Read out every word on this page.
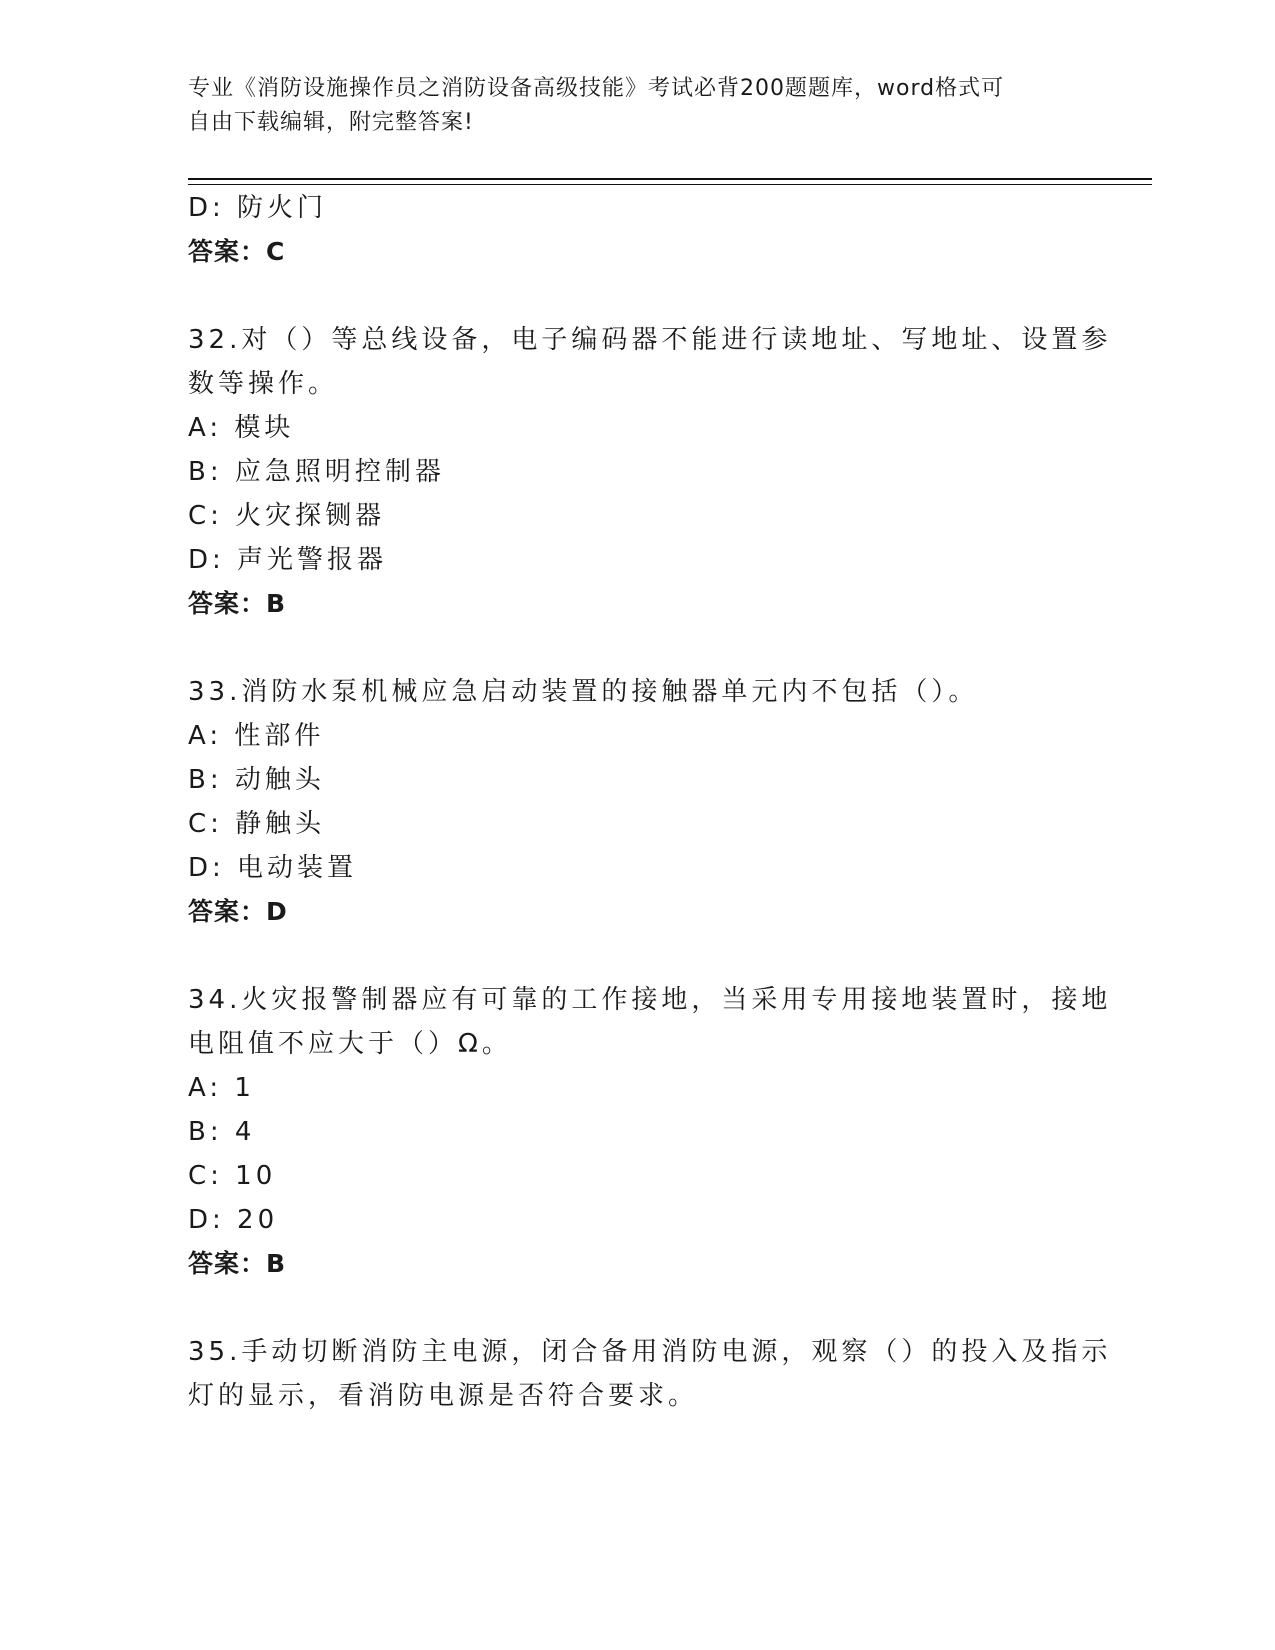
专业《消防设施操作员之消防设备高级技能》考试必背200题题库，word格式可
自由下载编辑，附完整答案!
D: 防火门
答案：C
32.对（）等总线设备，电子编码器不能进行读地址、写地址、设置参
数等操作。
A: 模块
B: 应急照明控制器
C: 火灾探铡器
D: 声光警报器
答案：B
33.消防水泵机械应急启动装置的接触器单元内不包括（）。
A: 性部件
B: 动触头
C: 静触头
D: 电动装置
答案：D
34.火灾报警制器应有可靠的工作接地，当采用专用接地装置时，接地
电阻值不应大于（）Ω。
A: 1
B: 4
C: 10
D: 20
答案：B
35.手动切断消防主电源，闭合备用消防电源，观察（）的投入及指示
灯的显示，看消防电源是否符合要求。
